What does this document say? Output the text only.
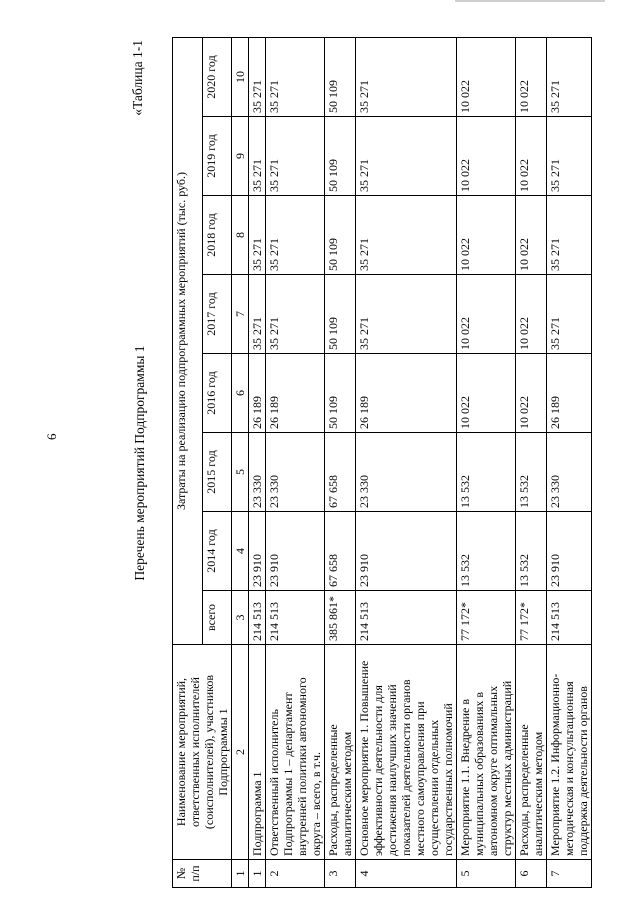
6	Перечень мероприятий Подпрограммы 1
«Таблица 1-1
№ п/п	Наименование мероприятий, ответственных исполнителей (соисполнителей), участников Подпрограммы 1	Затраты на реализацию подпрограммных мероприятий (тыс. руб.)							
		всего	2014 год	2015 год	2016 год	2017 год	2018 год	2019 год	2020 год
1	2	3	4	5	6	7	8	9	10
1	Подпрограмма 1	214 513	23 910	23 330	26 189	35 271	35 271	35 271	35 271
2	Ответственный исполнитель Подпрограммы 1 – департамент внутренней политики автономного округа – всего, в т.ч.	214 513	23 910	23 330	26 189	35 271	35 271	35 271	35 271
3	Расходы, распределенные аналитическим методом	385 861*	67 658	67 658	50 109	50 109	50 109	50 109	50 109
4	Основное мероприятие 1. Повышение эффективности деятельности для достижения наилучших значений показателей деятельности органов местного самоуправления при осуществлении отдельных государственных полномочий	214 513	23 910	23 330	26 189	35 271	35 271	35 271	35 271
5	Мероприятие 1.1. Внедрение в муниципальных образованиях в автономном округе оптимальных структур местных администраций	77 172*	13 532	13 532	10 022	10 022	10 022	10 022	10 022
6	Расходы, распределенные аналитическим методом	77 172*	13 532	13 532	10 022	10 022	10 022	10 022	10 022
7	Мероприятие 1.2. Информационно-методическая и консультационная поддержка деятельности органов	214 513	23 910	23 330	26 189	35 271	35 271	35 271	35 271
